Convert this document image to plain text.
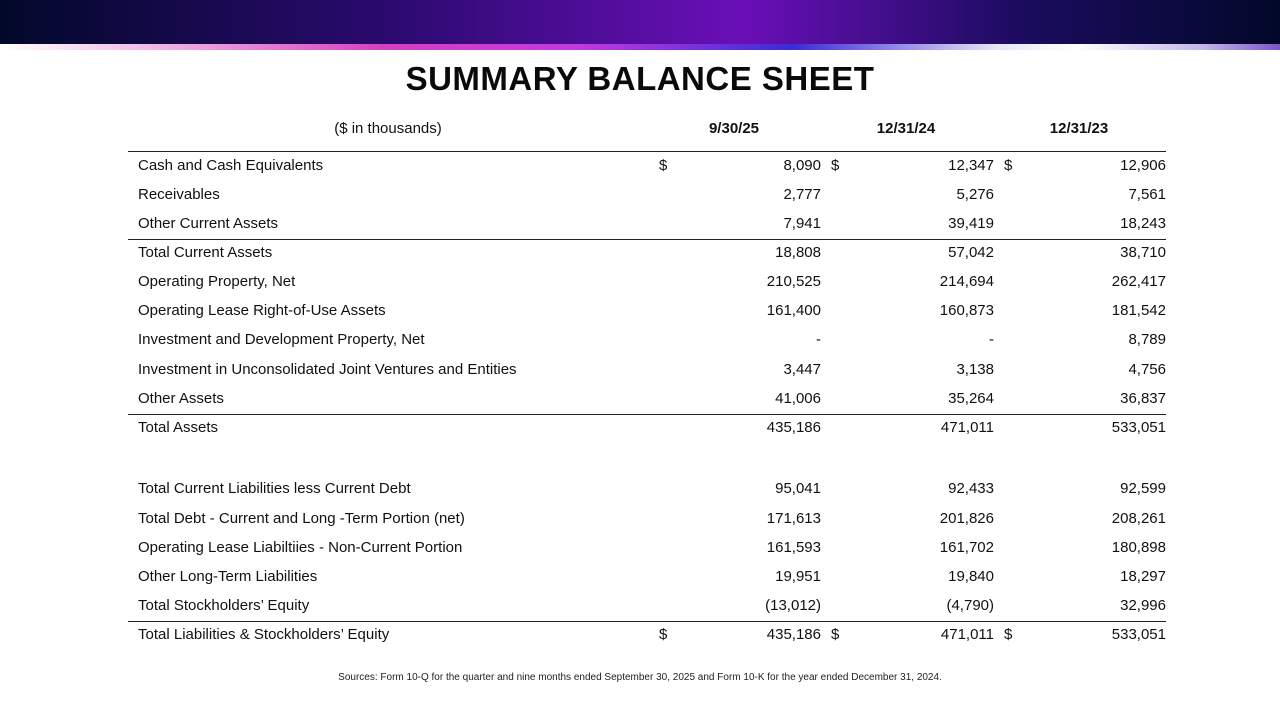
SUMMARY BALANCE SHEET
($ in thousands)	9/30/25	12/31/24	12/31/23
Cash and Cash Equivalents	$	8,090 $	12,347 $	12,906
Receivables	2,777	5,276	7,561
Other Current Assets	7,941	39,419	18,243
Total Current Assets	18,808	57,042	38,710
Operating Property, Net	210,525	214,694	262,417
Operating Lease Right-of-Use Assets	161,400	160,873	181,542
Investment and Development Property, Net	-	-	8,789
Investment in Unconsolidated Joint Ventures and Entities	3,447	3,138	4,756
Other Assets	41,006	35,264	36,837
Total Assets	435,186	471,011	533,051
Total Current Liabilities less Current Debt	95,041	92,433	92,599
Total Debt - Current and Long -Term Portion (net)	171,613	201,826	208,261
Operating Lease Liabiltiies - Non-Current Portion	161,593	161,702	180,898
Other Long-Term Liabilities	19,951	19,840	18,297
Total Stockholders’ Equity	(13,012)	(4,790)	32,996
Total Liabilities & Stockholders’ Equity	$	435,186 $	471,011 $	533,051
Sources: Form 10-Q for the quarter and nine months ended September 30, 2025 and Form 10-K for the year ended December 31, 2024.
